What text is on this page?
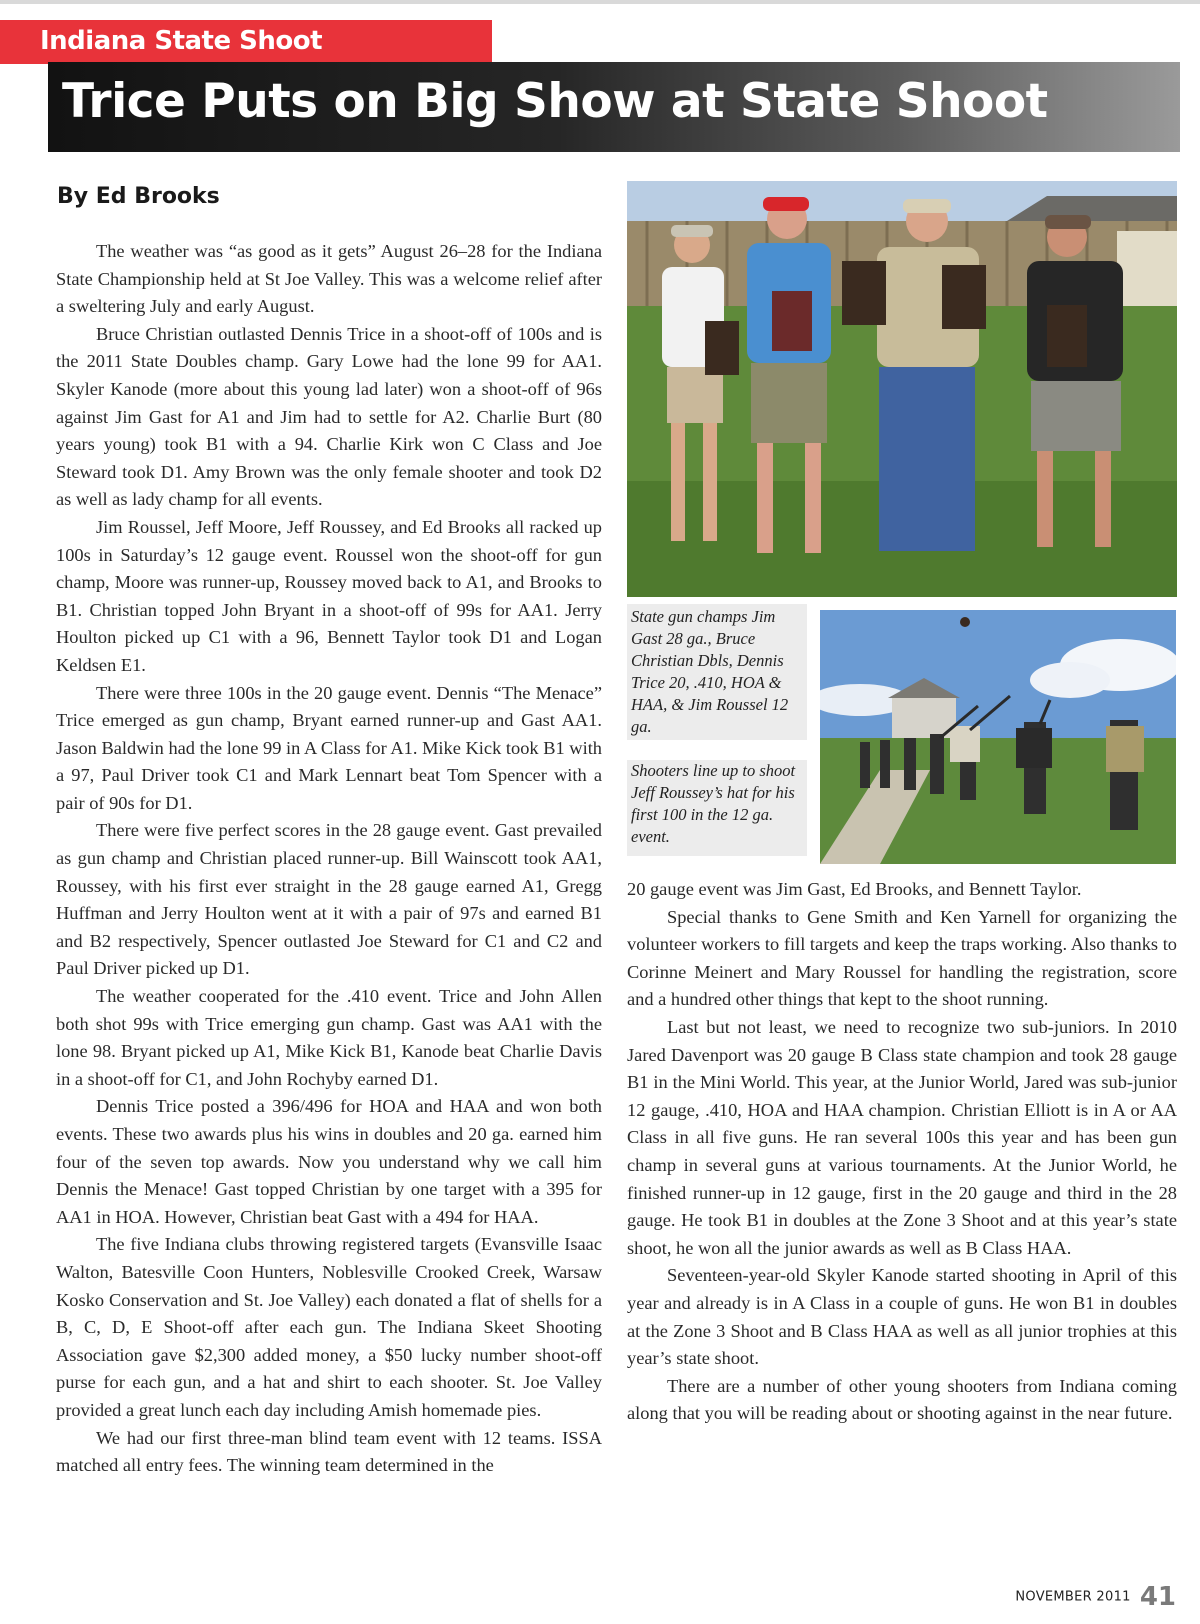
Indiana State Shoot
Trice Puts on Big Show at State Shoot
By Ed Brooks

The weather was “as good as it gets” August 26–28 for the Indiana State Championship held at St Joe Valley. This was a welcome relief after a sweltering July and early August.

Bruce Christian outlasted Dennis Trice in a shoot-off of 100s and is the 2011 State Doubles champ. Gary Lowe had the lone 99 for AA1. Skyler Kanode (more about this young lad later) won a shoot-off of 96s against Jim Gast for A1 and Jim had to settle for A2. Charlie Burt (80 years young) took B1 with a 94. Charlie Kirk won C Class and Joe Steward took D1. Amy Brown was the only female shooter and took D2 as well as lady champ for all events.

Jim Roussel, Jeff Moore, Jeff Roussey, and Ed Brooks all racked up 100s in Saturday’s 12 gauge event. Roussel won the shoot-off for gun champ, Moore was runner-up, Roussey moved back to A1, and Brooks to B1. Christian topped John Bryant in a shoot-off of 99s for AA1. Jerry Houlton picked up C1 with a 96, Bennett Taylor took D1 and Logan Keldsen E1.

There were three 100s in the 20 gauge event. Dennis “The Menace” Trice emerged as gun champ, Bryant earned runner-up and Gast AA1. Jason Baldwin had the lone 99 in A Class for A1. Mike Kick took B1 with a 97, Paul Driver took C1 and Mark Lennart beat Tom Spencer with a pair of 90s for D1.

There were five perfect scores in the 28 gauge event. Gast prevailed as gun champ and Christian placed runner-up. Bill Wainscott took AA1, Roussey, with his first ever straight in the 28 gauge earned A1, Gregg Huffman and Jerry Houlton went at it with a pair of 97s and earned B1 and B2 respectively, Spencer outlasted Joe Steward for C1 and C2 and Paul Driver picked up D1.

The weather cooperated for the .410 event. Trice and John Allen both shot 99s with Trice emerging gun champ. Gast was AA1 with the lone 98. Bryant picked up A1, Mike Kick B1, Kanode beat Charlie Davis in a shoot-off for C1, and John Rochyby earned D1.

Dennis Trice posted a 396/496 for HOA and HAA and won both events. These two awards plus his wins in doubles and 20 ga. earned him four of the seven top awards. Now you understand why we call him Dennis the Menace! Gast topped Christian by one target with a 395 for AA1 in HOA. However, Christian beat Gast with a 494 for HAA.

The five Indiana clubs throwing registered targets (Evansville Isaac Walton, Batesville Coon Hunters, Noblesville Crooked Creek, Warsaw Kosko Conservation and St. Joe Valley) each donated a flat of shells for a B, C, D, E Shoot-off after each gun. The Indiana Skeet Shooting Association gave $2,300 added money, a $50 lucky number shoot-off purse for each gun, and a hat and shirt to each shooter. St. Joe Valley provided a great lunch each day including Amish homemade pies.

We had our first three-man blind team event with 12 teams. ISSA matched all entry fees. The winning team determined in the

State gun champs Jim Gast 28 ga., Bruce Christian Dbls, Dennis Trice 20, .410, HOA & HAA, & Jim Roussel 12 ga.

Shooters line up to shoot Jeff Roussey’s hat for his first 100 in the 12 ga. event.

20 gauge event was Jim Gast, Ed Brooks, and Bennett Taylor.

Special thanks to Gene Smith and Ken Yarnell for organizing the volunteer workers to fill targets and keep the traps working. Also thanks to Corinne Meinert and Mary Roussel for handling the registration, score and a hundred other things that kept to the shoot running.

Last but not least, we need to recognize two sub-juniors. In 2010 Jared Davenport was 20 gauge B Class state champion and took 28 gauge B1 in the Mini World. This year, at the Junior World, Jared was sub-junior 12 gauge, .410, HOA and HAA champion. Christian Elliott is in A or AA Class in all five guns. He ran several 100s this year and has been gun champ in several guns at various tournaments. At the Junior World, he finished runner-up in 12 gauge, first in the 20 gauge and third in the 28 gauge. He took B1 in doubles at the Zone 3 Shoot and at this year’s state shoot, he won all the junior awards as well as B Class HAA.

Seventeen-year-old Skyler Kanode started shooting in April of this year and already is in A Class in a couple of guns. He won B1 in doubles at the Zone 3 Shoot and B Class HAA as well as all junior trophies at this year’s state shoot.

There are a number of other young shooters from Indiana coming along that you will be reading about or shooting against in the near future.

NOVEMBER 2011 41
